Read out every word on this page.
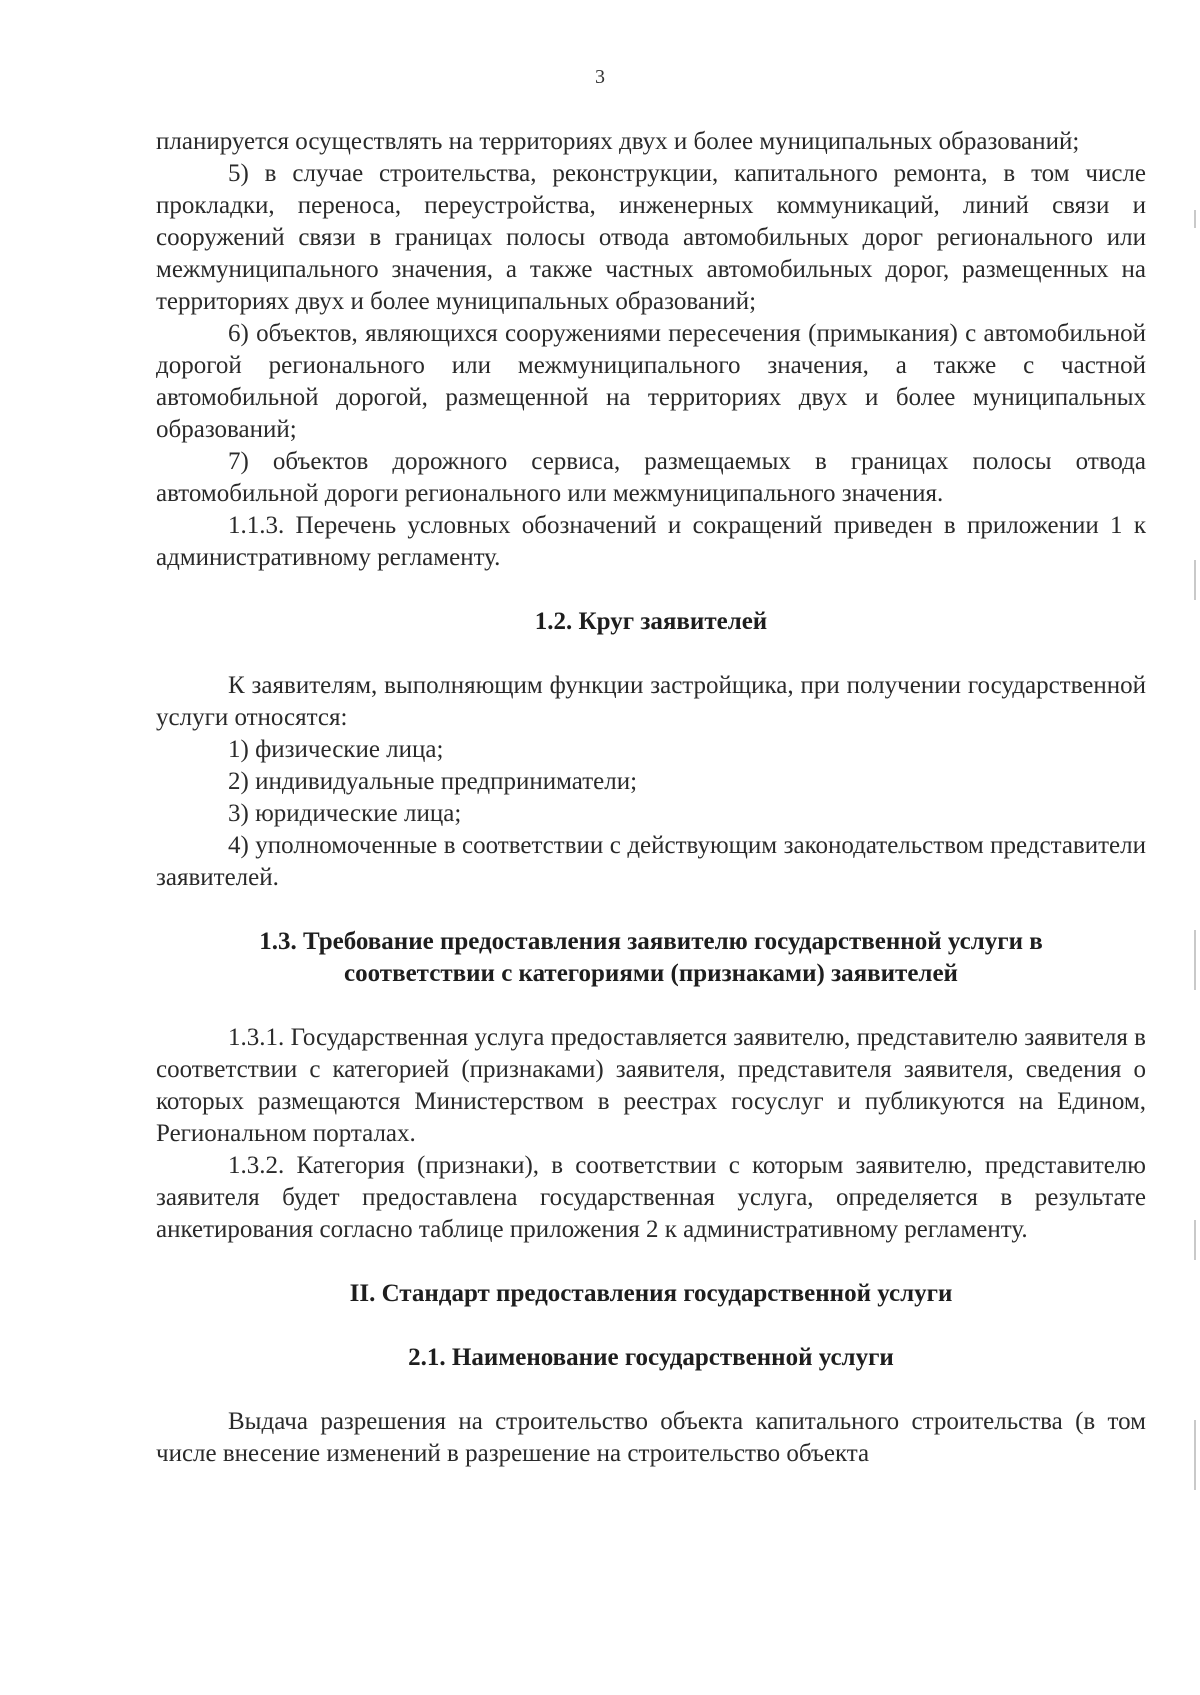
3

планируется осуществлять на территориях двух и более муниципальных образований;

5) в случае строительства, реконструкции, капитального ремонта, в том числе прокладки, переноса, переустройства, инженерных коммуникаций, линий связи и сооружений связи в границах полосы отвода автомобильных дорог регионального или межмуниципального значения, а также частных автомобильных дорог, размещенных на территориях двух и более муниципальных образований;

6) объектов, являющихся сооружениями пересечения (примыкания) с автомобильной дорогой регионального или межмуниципального значения, а также с частной автомобильной дорогой, размещенной на территориях двух и более муниципальных образований;

7) объектов дорожного сервиса, размещаемых в границах полосы отвода автомобильной дороги регионального или межмуниципального значения.

1.1.3. Перечень условных обозначений и сокращений приведен в приложении 1 к административному регламенту.

1.2. Круг заявителей

К заявителям, выполняющим функции застройщика, при получении государственной услуги относятся:

1) физические лица;

2) индивидуальные предприниматели;

3) юридические лица;

4) уполномоченные в соответствии с действующим законодательством представители заявителей.

1.3. Требование предоставления заявителю государственной услуги в

соответствии с категориями (признаками) заявителей

1.3.1. Государственная услуга предоставляется заявителю, представителю заявителя в соответствии с категорией (признаками) заявителя, представителя заявителя, сведения о которых размещаются Министерством в реестрах госуслуг и публикуются на Едином, Региональном порталах.

1.3.2. Категория (признаки), в соответствии с которым заявителю, представителю заявителя будет предоставлена государственная услуга, определяется в результате анкетирования согласно таблице приложения 2 к административному регламенту.

II. Стандарт предоставления государственной услуги

2.1. Наименование государственной услуги

Выдача разрешения на строительство объекта капитального строительства (в том числе внесение изменений в разрешение на строительство объекта
